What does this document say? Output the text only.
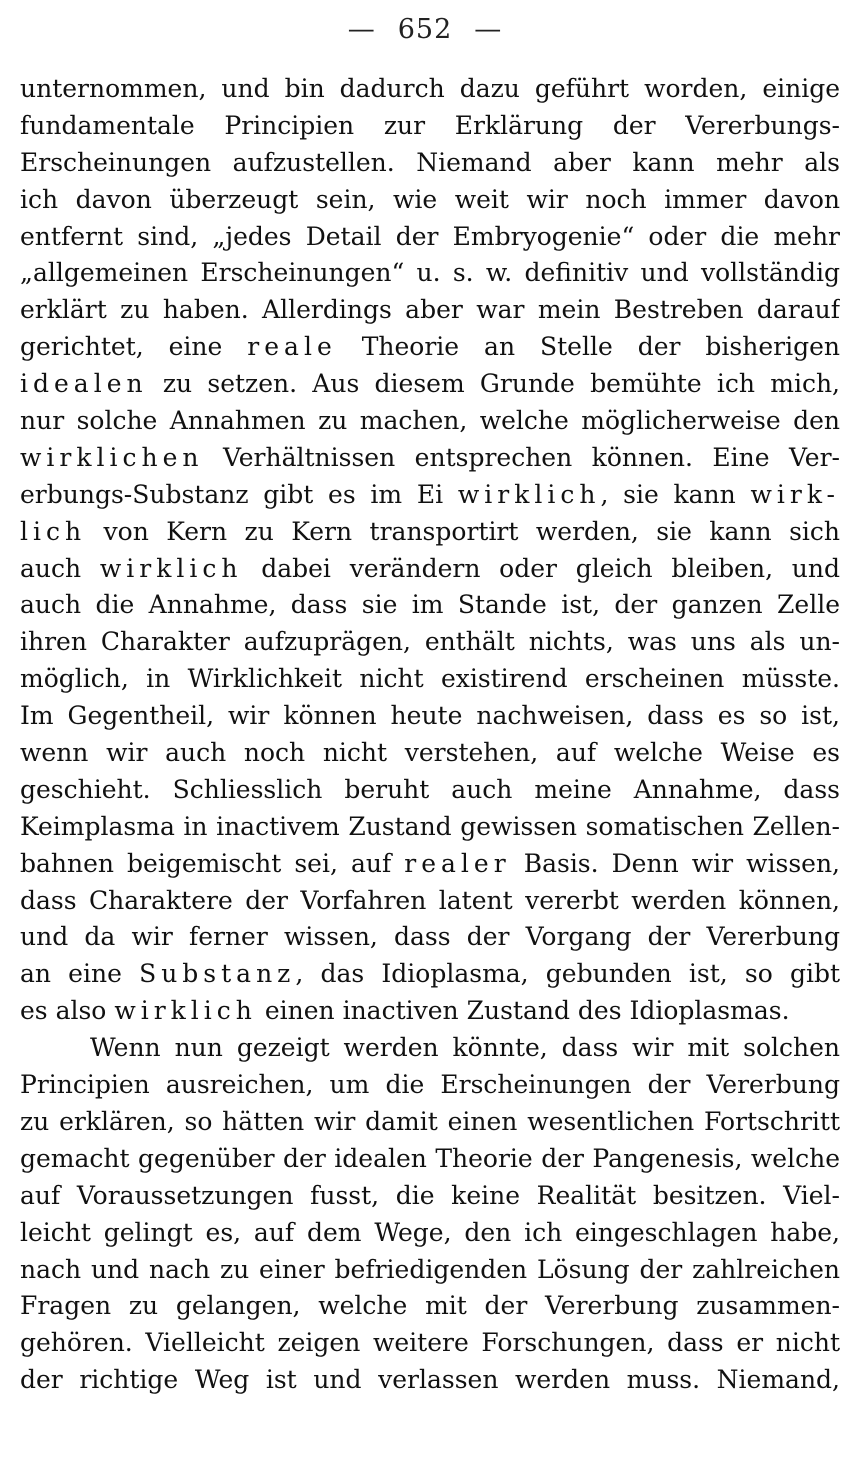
— 652 —
unternommen, und bin dadurch dazu geführt worden, einige
fundamentale Principien zur Erklärung der Vererbungs-
Erscheinungen aufzustellen. Niemand aber kann mehr als
ich davon überzeugt sein, wie weit wir noch immer davon
entfernt sind, „jedes Detail der Embryogenie“ oder die mehr
„allgemeinen Erscheinungen“ u. s. w. definitiv und vollständig
erklärt zu haben. Allerdings aber war mein Bestreben darauf
gerichtet, eine reale Theorie an Stelle der bisherigen
idealen zu setzen. Aus diesem Grunde bemühte ich mich,
nur solche Annahmen zu machen, welche möglicherweise den
wirklichen Verhältnissen entsprechen können. Eine Ver-
erbungs-Substanz gibt es im Ei wirklich, sie kann wirk-
lich von Kern zu Kern transportirt werden, sie kann sich
auch wirklich dabei verändern oder gleich bleiben, und
auch die Annahme, dass sie im Stande ist, der ganzen Zelle
ihren Charakter aufzuprägen, enthält nichts, was uns als un-
möglich, in Wirklichkeit nicht existirend erscheinen müsste.
Im Gegentheil, wir können heute nachweisen, dass es so ist,
wenn wir auch noch nicht verstehen, auf welche Weise es
geschieht. Schliesslich beruht auch meine Annahme, dass
Keimplasma in inactivem Zustand gewissen somatischen Zellen-
bahnen beigemischt sei, auf realer Basis. Denn wir wissen,
dass Charaktere der Vorfahren latent vererbt werden können,
und da wir ferner wissen, dass der Vorgang der Vererbung
an eine Substanz, das Idioplasma, gebunden ist, so gibt
es also wirklich einen inactiven Zustand des Idioplasmas.
Wenn nun gezeigt werden könnte, dass wir mit solchen
Principien ausreichen, um die Erscheinungen der Vererbung
zu erklären, so hätten wir damit einen wesentlichen Fortschritt
gemacht gegenüber der idealen Theorie der Pangenesis, welche
auf Voraussetzungen fusst, die keine Realität besitzen. Viel-
leicht gelingt es, auf dem Wege, den ich eingeschlagen habe,
nach und nach zu einer befriedigenden Lösung der zahlreichen
Fragen zu gelangen, welche mit der Vererbung zusammen-
gehören. Vielleicht zeigen weitere Forschungen, dass er nicht
der richtige Weg ist und verlassen werden muss. Niemand,
